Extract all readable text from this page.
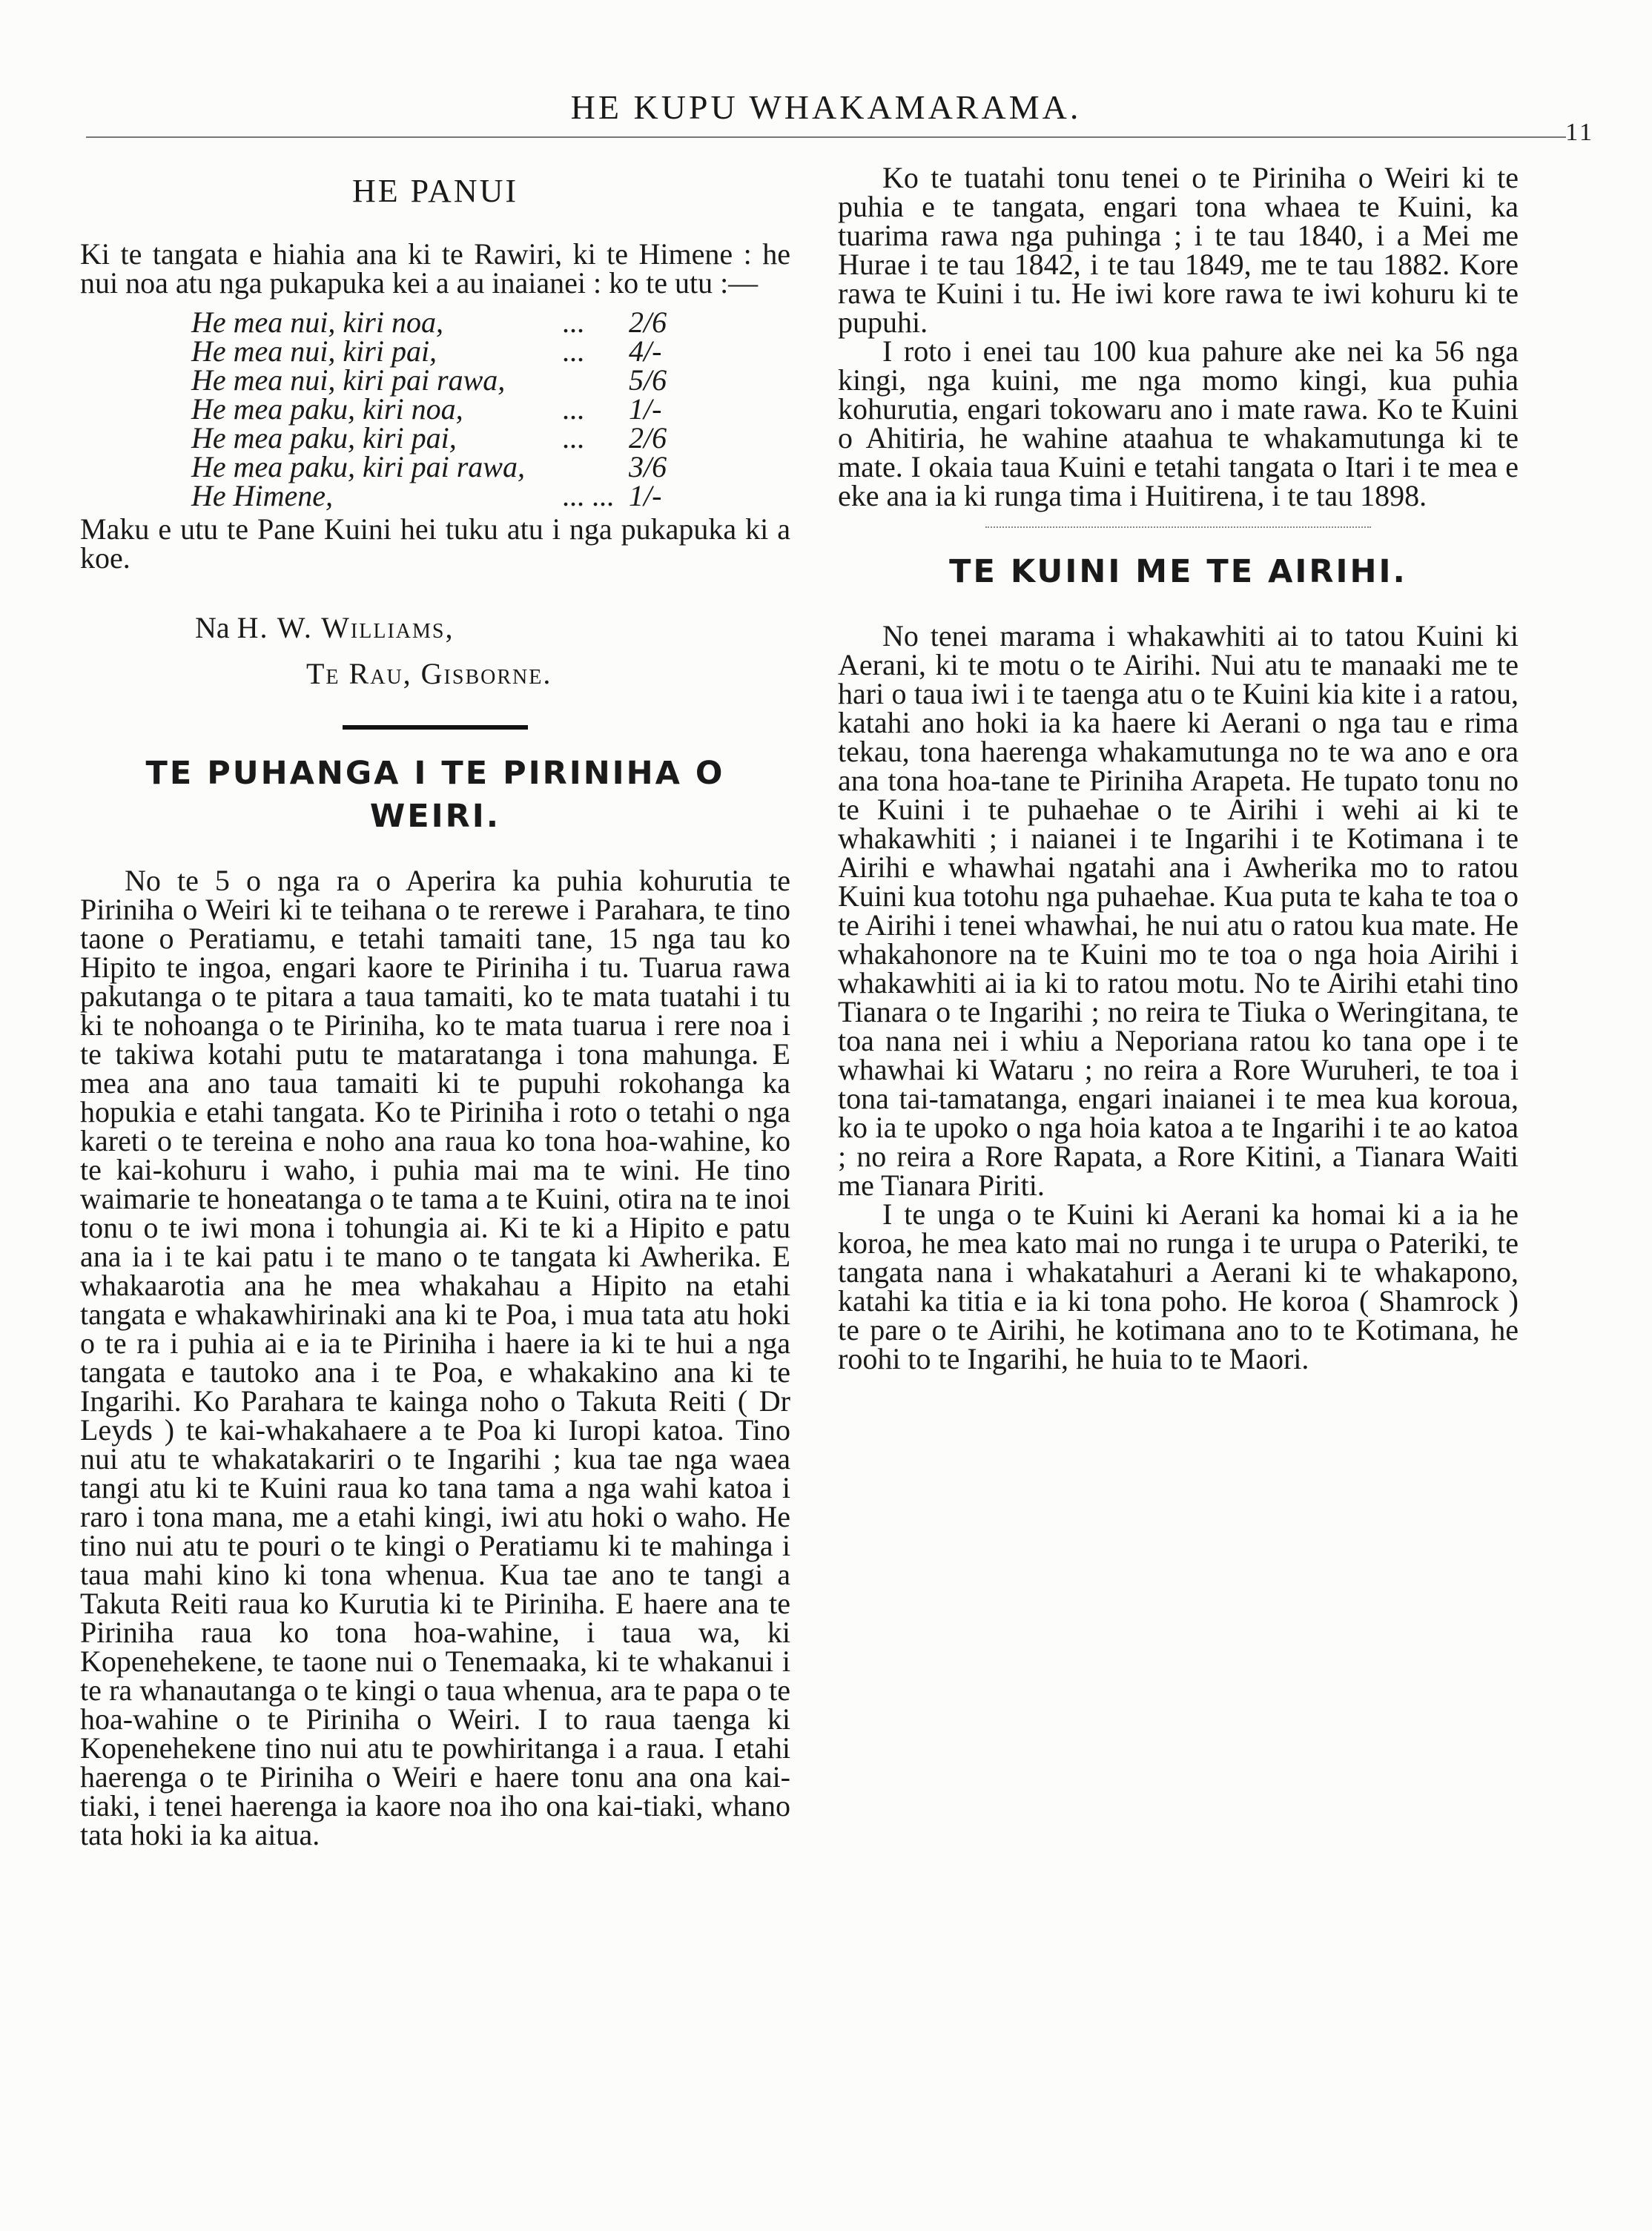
HE KUPU WHAKAMARAMA.
11
HE PANUI

Ki te tangata e hiahia ana ki te Rawiri, ki te Himene : he nui noa atu nga pukapuka kei a au inaianei : ko te utu :—

He mea nui, kiri noa,	...	2/6
He mea nui, kiri pai,	...	4/-
He mea nui, kiri pai rawa,		5/6
He mea paku, kiri noa,	...	1/-
He mea paku, kiri pai,	...	2/6
He mea paku, kiri pai rawa,		3/6
He Himene,	... ...	1/-

Maku e utu te Pane Kuini hei tuku atu i nga pukapuka ki a koe.

Na H. W. Williams,
Te Rau, Gisborne.
TE PUHANGA I TE PIRINIHA O WEIRI.

No te 5 o nga ra o Aperira ka puhia kohurutia te Piriniha o Weiri ki te teihana o te rerewe i Parahara, te tino taone o Peratiamu, e tetahi tamaiti tane, 15 nga tau ko Hipito te ingoa, engari kaore te Piriniha i tu. Tuarua rawa pakutanga o te pitara a taua tamaiti, ko te mata tuatahi i tu ki te nohoanga o te Piriniha, ko te mata tuarua i rere noa i te takiwa kotahi putu te mataratanga i tona mahunga. E mea ana ano taua tamaiti ki te pupuhi rokohanga ka hopukia e etahi tangata. Ko te Piriniha i roto o tetahi o nga kareti o te tereina e noho ana raua ko tona hoa-wahine, ko te kai-kohuru i waho, i puhia mai ma te wini. He tino waimarie te honeatanga o te tama a te Kuini, otira na te inoi tonu o te iwi mona i tohungia ai. Ki te ki a Hipito e patu ana ia i te kai patu i te mano o te tangata ki Awherika. E whakaarotia ana he mea whakahau a Hipito na etahi tangata e whakawhirinaki ana ki te Poa, i mua tata atu hoki o te ra i puhia ai e ia te Piriniha i haere ia ki te hui a nga tangata e tautoko ana i te Poa, e whakakino ana ki te Ingarihi. Ko Parahara te kainga noho o Takuta Reiti ( Dr Leyds ) te kai-whakahaere a te Poa ki Iuropi katoa. Tino nui atu te whakatakariri o te Ingarihi ; kua tae nga waea tangi atu ki te Kuini raua ko tana tama a nga wahi katoa i raro i tona mana, me a etahi kingi, iwi atu hoki o waho. He tino nui atu te pouri o te kingi o Peratiamu ki te mahinga i taua mahi kino ki tona whenua. Kua tae ano te tangi a Takuta Reiti raua ko Kurutia ki te Piriniha. E haere ana te Piriniha raua ko tona hoa-wahine, i taua wa, ki Kopenehekene, te taone nui o Tenemaaka, ki te whakanui i te ra whanautanga o te kingi o taua whenua, ara te papa o te hoa-wahine o te Piriniha o Weiri. I to raua taenga ki Kopenehekene tino nui atu te powhiritanga i a raua. I etahi haerenga o te Piriniha o Weiri e haere tonu ana ona kai-tiaki, i tenei haerenga ia kaore noa iho ona kai-tiaki, whano tata hoki ia ka aitua.

Ko te tuatahi tonu tenei o te Piriniha o Weiri ki te puhia e te tangata, engari tona whaea te Kuini, ka tuarima rawa nga puhinga ; i te tau 1840, i a Mei me Hurae i te tau 1842, i te tau 1849, me te tau 1882. Kore rawa te Kuini i tu. He iwi kore rawa te iwi kohuru ki te pupuhi.

I roto i enei tau 100 kua pahure ake nei ka 56 nga kingi, nga kuini, me nga momo kingi, kua puhia kohurutia, engari tokowaru ano i mate rawa. Ko te Kuini o Ahitiria, he wahine ataahua te whakamutunga ki te mate. I okaia taua Kuini e tetahi tangata o Itari i te mea e eke ana ia ki runga tima i Huitirena, i te tau 1898.

TE KUINI ME TE AIRIHI.

No tenei marama i whakawhiti ai to tatou Kuini ki Aerani, ki te motu o te Airihi. Nui atu te manaaki me te hari o taua iwi i te taenga atu o te Kuini kia kite i a ratou, katahi ano hoki ia ka haere ki Aerani o nga tau e rima tekau, tona haerenga whakamutunga no te wa ano e ora ana tona hoa-tane te Piriniha Arapeta. He tupato tonu no te Kuini i te puhaehae o te Airihi i wehi ai ki te whakawhiti ; i naianei i te Ingarihi i te Kotimana i te Airihi e whawhai ngatahi ana i Awherika mo to ratou Kuini kua totohu nga puhaehae. Kua puta te kaha te toa o te Airihi i tenei whawhai, he nui atu o ratou kua mate. He whakahonore na te Kuini mo te toa o nga hoia Airihi i whakawhiti ai ia ki to ratou motu. No te Airihi etahi tino Tianara o te Ingarihi ; no reira te Tiuka o Weringitana, te toa nana nei i whiu a Neporiana ratou ko tana ope i te whawhai ki Wataru ; no reira a Rore Wuruheri, te toa i tona tai-tamatanga, engari inaianei i te mea kua koroua, ko ia te upoko o nga hoia katoa a te Ingarihi i te ao katoa ; no reira a Rore Rapata, a Rore Kitini, a Tianara Waiti me Tianara Piriti.

I te unga o te Kuini ki Aerani ka homai ki a ia he koroa, he mea kato mai no runga i te urupa o Pateriki, te tangata nana i whakatahuri a Aerani ki te whakapono, katahi ka titia e ia ki tona poho. He koroa ( Shamrock ) te pare o te Airihi, he kotimana ano to te Kotimana, he roohi to te Ingarihi, he huia to te Maori.
